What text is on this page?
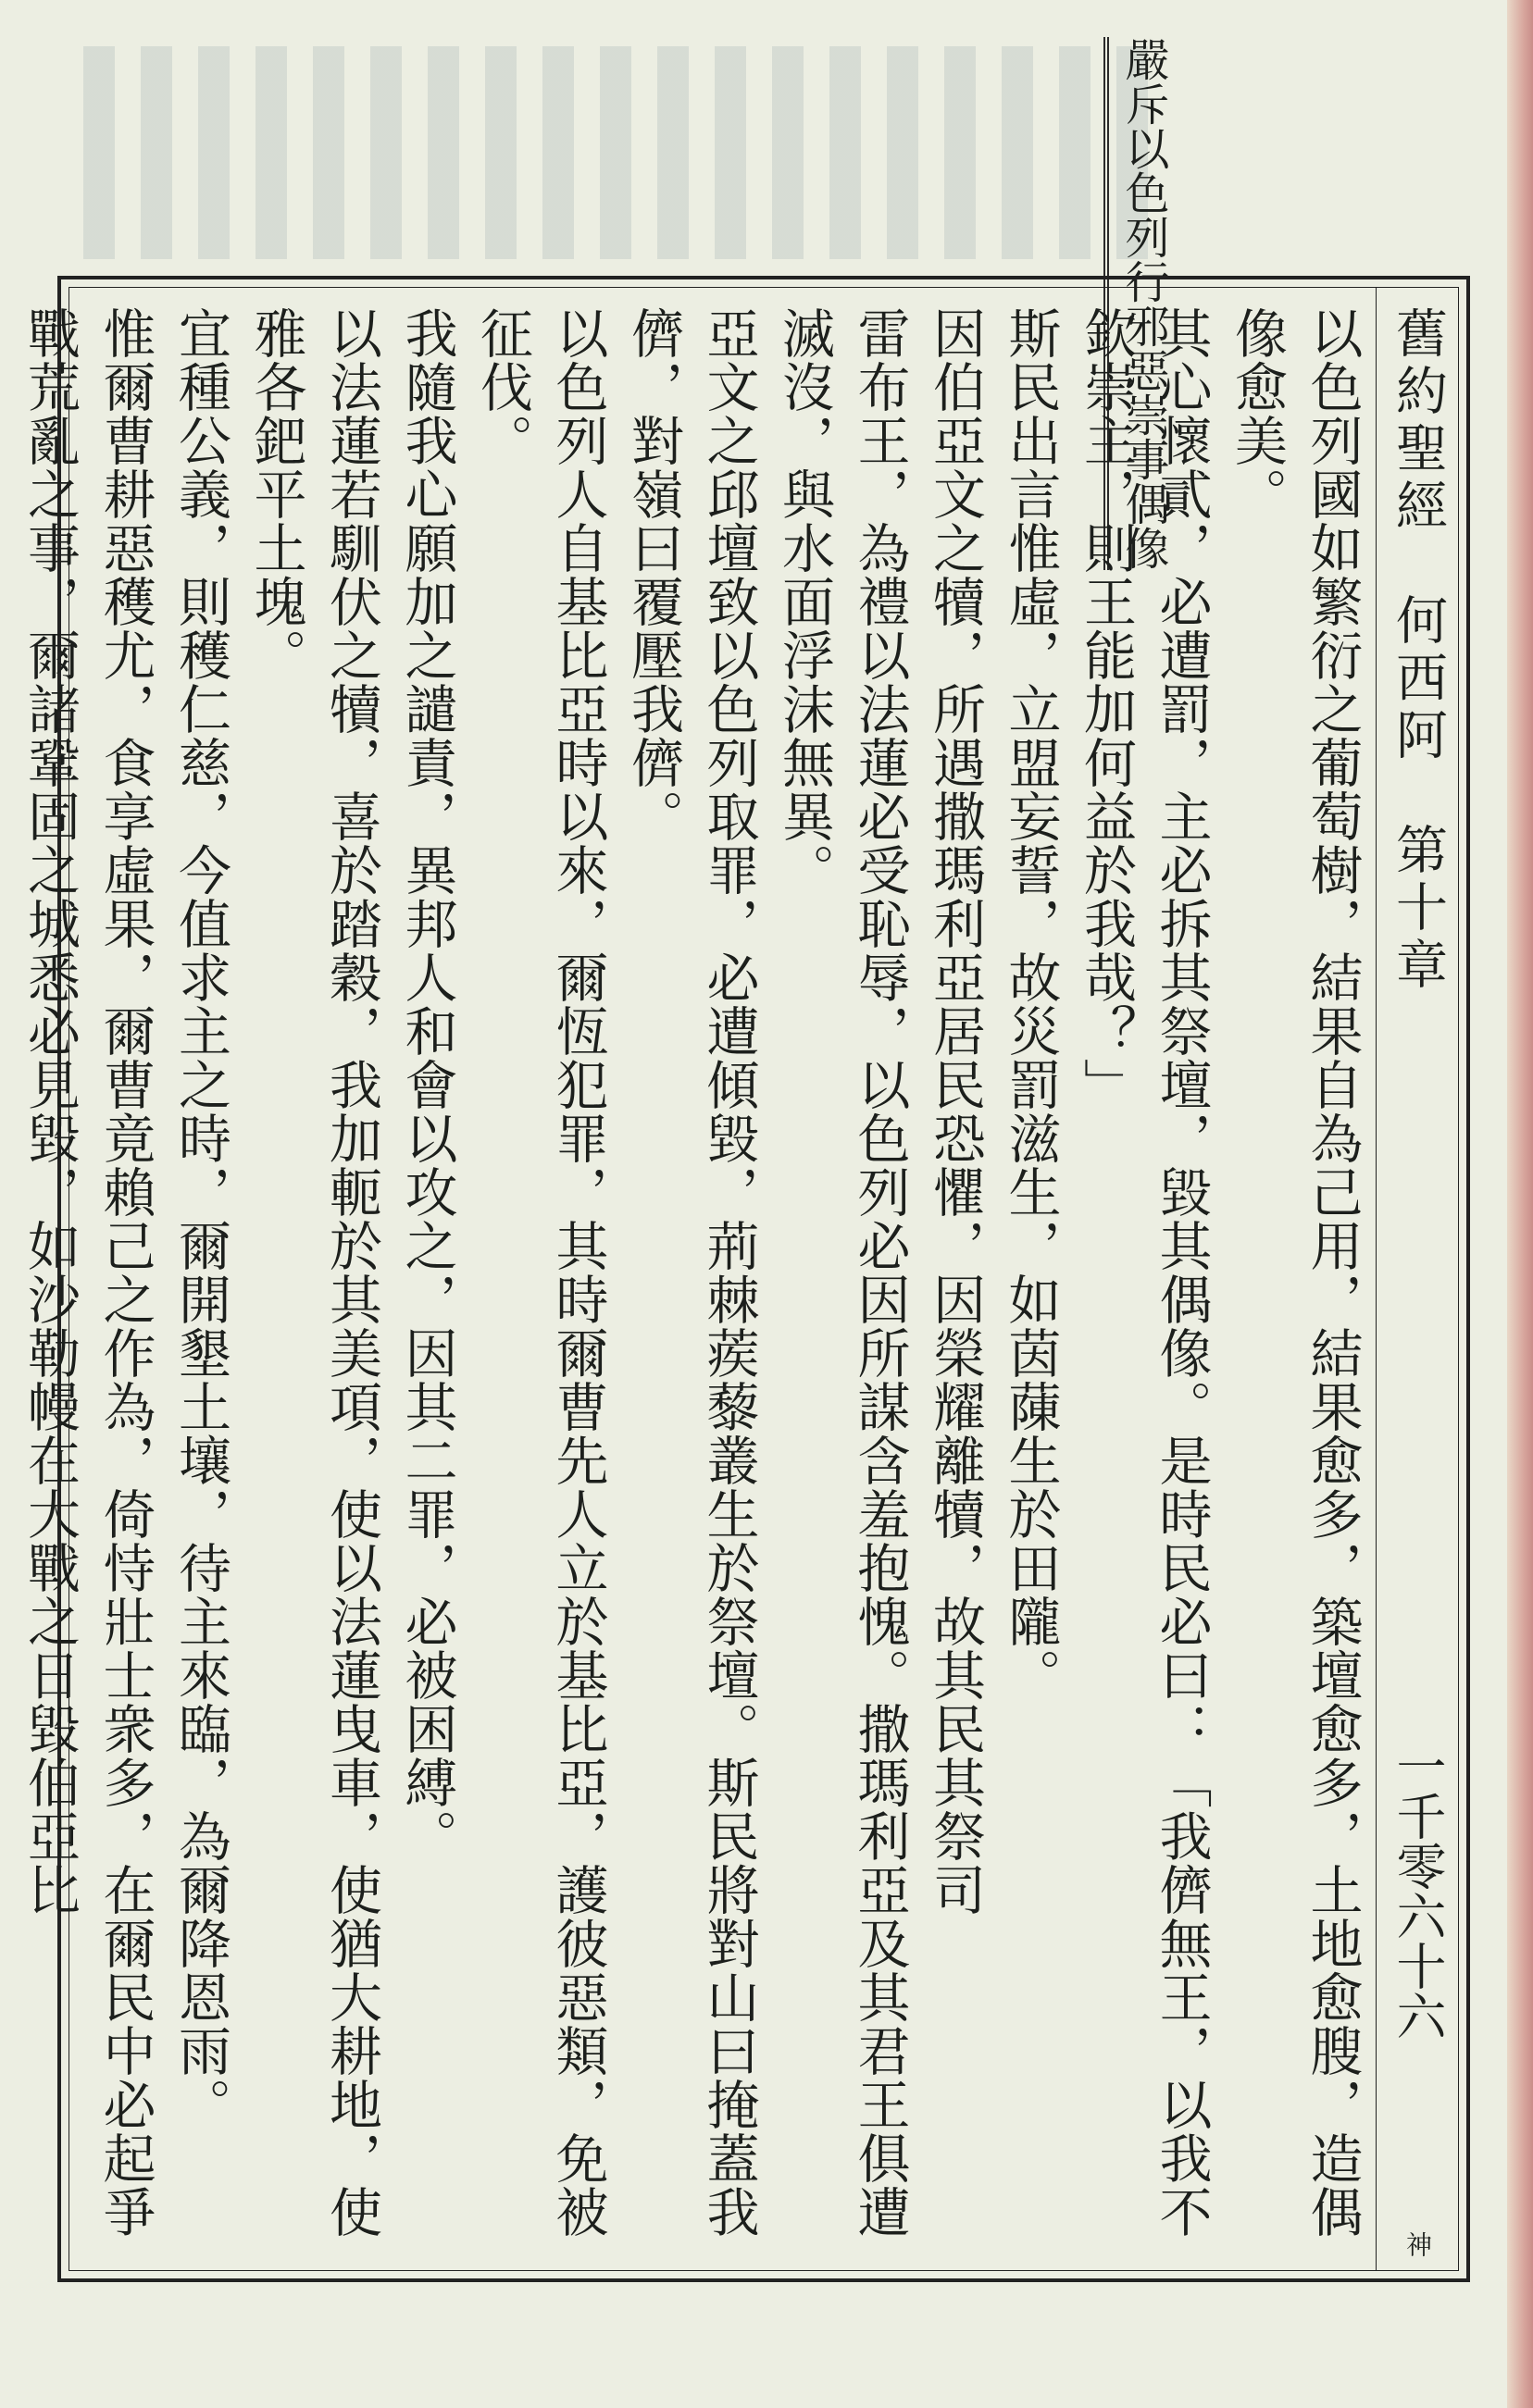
嚴斥以色列行邪惡崇事偶像
舊約聖經　何西阿　第十章
一千零六十六
神

以色列國如繁衍之葡萄樹，結果自為己用，結果愈多，築壇愈多，土地愈膄，造偶像愈美。

其心懷貳，必遭罰，主必拆其祭壇，毀其偶像。是時民必曰：「我儕無王，以我不欽崇主，則王能加何益於我哉？」

斯民出言惟虛，立盟妄誓，故災罰滋生，如茵蔯生於田隴。

因伯亞文之犢，所遇撒瑪利亞居民恐懼，因榮耀離犢，故其民其祭司

雷布王，為禮以法蓮必受恥辱，以色列必因所謀含羞抱愧。撒瑪利亞及其君王俱遭滅沒，與水面浮沫無異。

亞文之邱壇致以色列取罪，必遭傾毀，荊棘蒺藜叢生於祭壇。斯民將對山曰掩蓋我儕，對嶺曰覆壓我儕。

以色列人自基比亞時以來，爾恆犯罪，其時爾曹先人立於基比亞，護彼惡類，免被征伐。

我隨我心願加之譴責，異邦人和會以攻之，因其二罪，必被困縛。

以法蓮若馴伏之犢，喜於踏穀，我加軛於其美項，使以法蓮曳車，使猶大耕地，使雅各鈀平土塊。

宜種公義，則穫仁慈，今值求主之時，爾開墾土壤，待主來臨，為爾降恩雨。

惟爾曹耕惡穫尤，食享虛果，爾曹竟賴己之作為，倚恃壯士衆多，在爾民中必起爭戰荒亂之事，爾諸鞏固之城悉必見毀，如沙勒幔在大戰之日毀伯亞比
